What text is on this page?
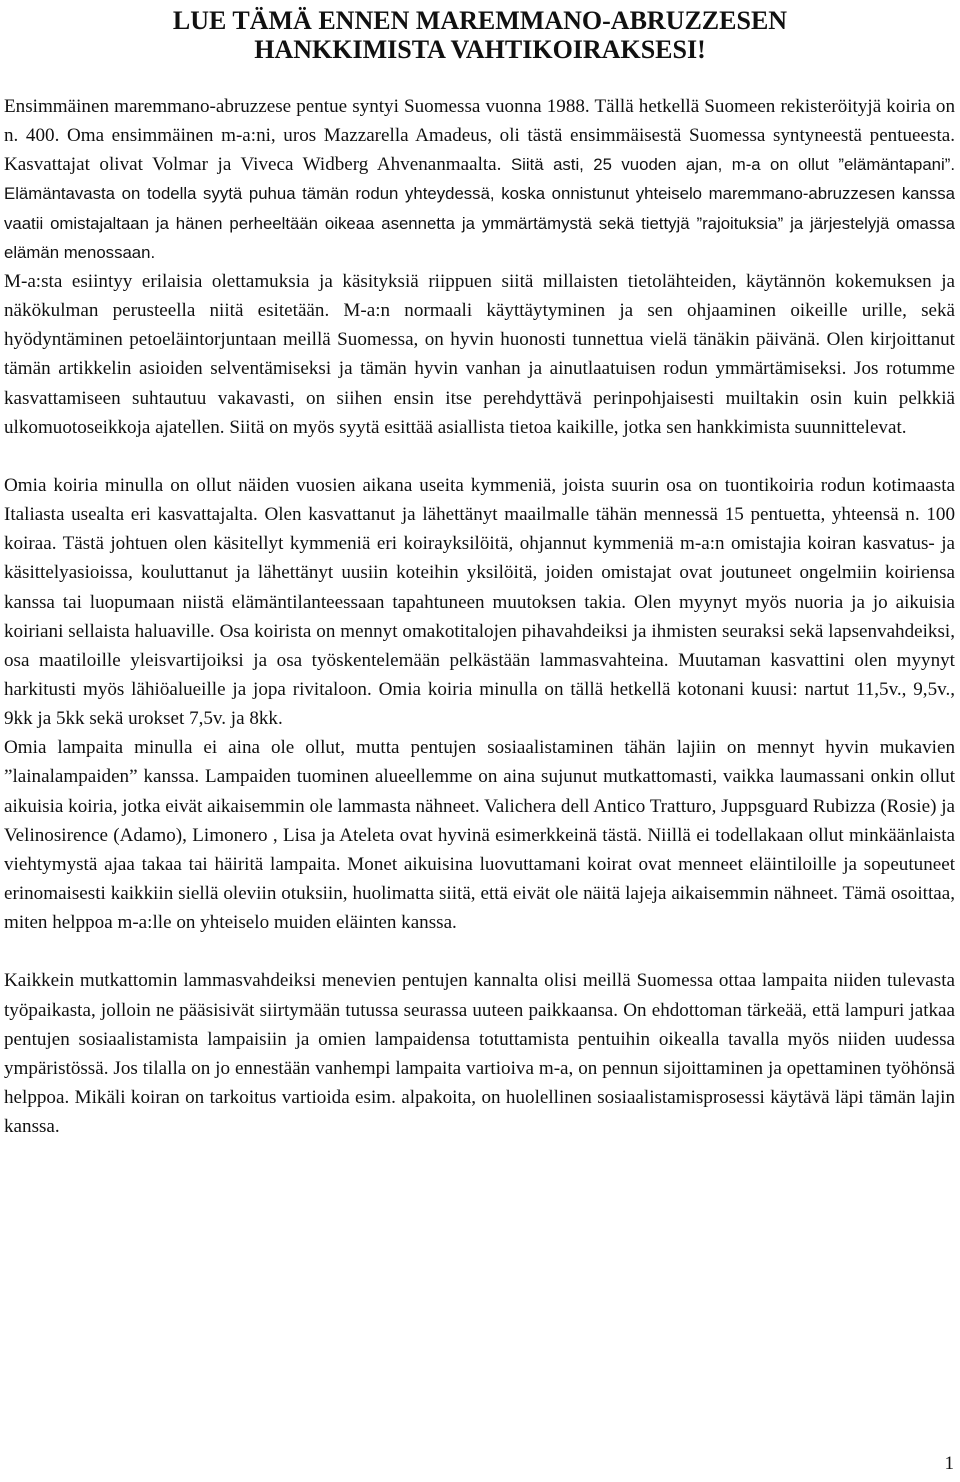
LUE TÄMÄ ENNEN MAREMMANO-ABRUZZESEN
HANKKIMISTA VAHTIKOIRAKSESI!

Ensimmäinen maremmano-abruzzese pentue syntyi Suomessa vuonna 1988. Tällä hetkellä Suomeen rekisteröityjä koiria on n. 400. Oma ensimmäinen m-a:ni, uros Mazzarella Amadeus, oli tästä ensimmäisestä Suomessa syntyneestä pentueesta. Kasvattajat olivat Volmar ja Viveca Widberg Ahvenanmaalta. Siitä asti, 25 vuoden ajan, m-a on ollut ”elämäntapani”. Elämäntavasta on todella syytä puhua tämän rodun yhteydessä, koska onnistunut yhteiselo maremmano-abruzzesen kanssa vaatii omistajaltaan ja hänen perheeltään oikeaa asennetta ja ymmärtämystä sekä tiettyjä ”rajoituksia” ja järjestelyjä omassa elämän menossaan.

M-a:sta esiintyy erilaisia olettamuksia ja käsityksiä riippuen siitä millaisten tietolähteiden, käytännön kokemuksen ja näkökulman perusteella niitä esitetään. M-a:n normaali käyttäytyminen ja sen ohjaaminen oikeille urille, sekä hyödyntäminen petoeläintorjuntaan meillä Suomessa, on hyvin huonosti tunnettua vielä tänäkin päivänä. Olen kirjoittanut tämän artikkelin asioiden selventämiseksi ja tämän hyvin vanhan ja ainutlaatuisen rodun ymmärtämiseksi. Jos rotumme kasvattamiseen suhtautuu vakavasti, on siihen ensin itse perehdyttävä perinpohjaisesti muiltakin osin kuin pelkkiä ulkomuotoseikkoja ajatellen. Siitä on myös syytä esittää asiallista tietoa kaikille, jotka sen hankkimista suunnittelevat.

Omia koiria minulla on ollut näiden vuosien aikana useita kymmeniä, joista suurin osa on tuontikoiria rodun kotimaasta Italiasta usealta eri kasvattajalta. Olen kasvattanut ja lähettänyt maailmalle tähän mennessä 15 pentuetta, yhteensä n. 100 koiraa. Tästä johtuen olen käsitellyt kymmeniä eri koirayksilöitä, ohjannut kymmeniä m-a:n omistajia koiran kasvatus- ja käsittelyasioissa, kouluttanut ja lähettänyt uusiin koteihin yksilöitä, joiden omistajat ovat joutuneet ongelmiin koiriensa kanssa tai luopumaan niistä elämäntilanteessaan tapahtuneen muutoksen takia. Olen myynyt myös nuoria ja jo aikuisia koiriani sellaista haluaville. Osa koirista on mennyt omakotitalojen pihavahdeiksi ja ihmisten seuraksi sekä lapsenvahdeiksi, osa maatiloille yleisvartijoiksi ja osa työskentelemään pelkästään lammasvahteina. Muutaman kasvattini olen myynyt harkitusti myös lähiöalueille ja jopa rivitaloon. Omia koiria minulla on tällä hetkellä kotonani kuusi: nartut 11,5v., 9,5v., 9kk ja 5kk sekä urokset 7,5v. ja 8kk.

Omia lampaita minulla ei aina ole ollut, mutta pentujen sosiaalistaminen tähän lajiin on mennyt hyvin mukavien ”lainalampaiden” kanssa. Lampaiden tuominen alueellemme on aina sujunut mutkattomasti, vaikka laumassani onkin ollut aikuisia koiria, jotka eivät aikaisemmin ole lammasta nähneet. Valichera dell Antico Tratturo, Juppsguard Rubizza (Rosie) ja Velinosirence (Adamo), Limonero , Lisa ja Ateleta ovat hyvinä esimerkkeinä tästä. Niillä ei todellakaan ollut minkäänlaista viehtymystä ajaa takaa tai häiritä lampaita. Monet aikuisina luovuttamani koirat ovat menneet eläintiloille ja sopeutuneet erinomaisesti kaikkiin siellä oleviin otuksiin, huolimatta siitä, että eivät ole näitä lajeja aikaisemmin nähneet. Tämä osoittaa, miten helppoa m-a:lle on yhteiselo muiden eläinten kanssa.

Kaikkein mutkattomin lammasvahdeiksi menevien pentujen kannalta olisi meillä Suomessa ottaa lampaita niiden tulevasta työpaikasta, jolloin ne pääsisivät siirtymään tutussa seurassa uuteen paikkaansa. On ehdottoman tärkeää, että lampuri jatkaa pentujen sosiaalistamista lampaisiin ja omien lampaidensa totuttamista pentuihin oikealla tavalla myös niiden uudessa ympäristössä. Jos tilalla on jo ennestään vanhempi lampaita vartioiva m-a, on pennun sijoittaminen ja opettaminen työhönsä helppoa. Mikäli koiran on tarkoitus vartioida esim. alpakoita, on huolellinen sosiaalistamisprosessi käytävä läpi tämän lajin kanssa.

1
